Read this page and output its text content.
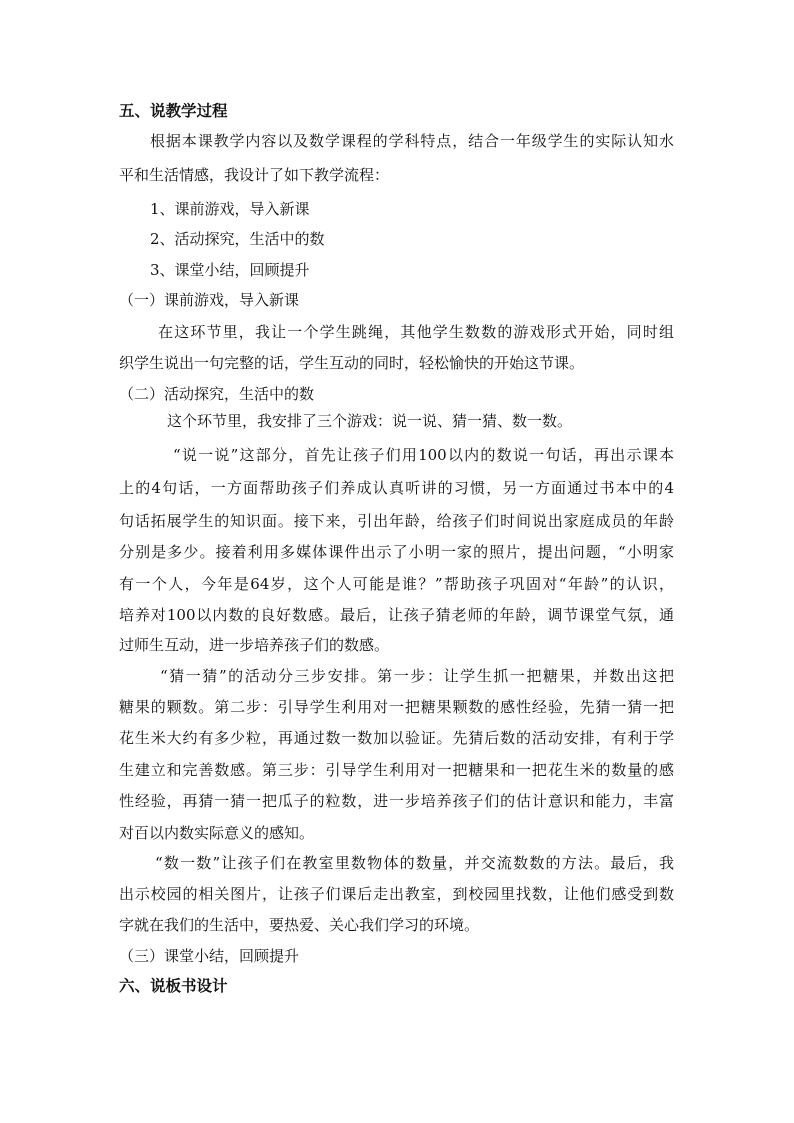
五、说教学过程
根据本课教学内容以及数学课程的学科特点，结合一年级学生的实际认知水
平和生活情感，我设计了如下教学流程：
1、课前游戏，导入新课
2、活动探究，生活中的数
3、课堂小结，回顾提升
（一）课前游戏，导入新课
在这环节里，我让一个学生跳绳，其他学生数数的游戏形式开始，同时组
织学生说出一句完整的话，学生互动的同时，轻松愉快的开始这节课。
（二）活动探究，生活中的数
这个环节里，我安排了三个游戏：说一说、猜一猜、数一数。
“说一说”这部分，首先让孩子们用100以内的数说一句话，再出示课本
上的4句话，一方面帮助孩子们养成认真听讲的习惯，另一方面通过书本中的4
句话拓展学生的知识面。接下来，引出年龄，给孩子们时间说出家庭成员的年龄
分别是多少。接着利用多媒体课件出示了小明一家的照片，提出问题，“小明家
有一个人，今年是64岁，这个人可能是谁？”帮助孩子巩固对“年龄”的认识，
培养对100以内数的良好数感。最后，让孩子猜老师的年龄，调节课堂气氛，通
过师生互动，进一步培养孩子们的数感。
“猜一猜”的活动分三步安排。第一步：让学生抓一把糖果，并数出这把
糖果的颗数。第二步：引导学生利用对一把糖果颗数的感性经验，先猜一猜一把
花生米大约有多少粒，再通过数一数加以验证。先猜后数的活动安排，有利于学
生建立和完善数感。第三步：引导学生利用对一把糖果和一把花生米的数量的感
性经验，再猜一猜一把瓜子的粒数，进一步培养孩子们的估计意识和能力，丰富
对百以内数实际意义的感知。
“数一数”让孩子们在教室里数物体的数量，并交流数数的方法。最后，我
出示校园的相关图片，让孩子们课后走出教室，到校园里找数，让他们感受到数
字就在我们的生活中，要热爱、关心我们学习的环境。
（三）课堂小结，回顾提升
六、说板书设计
